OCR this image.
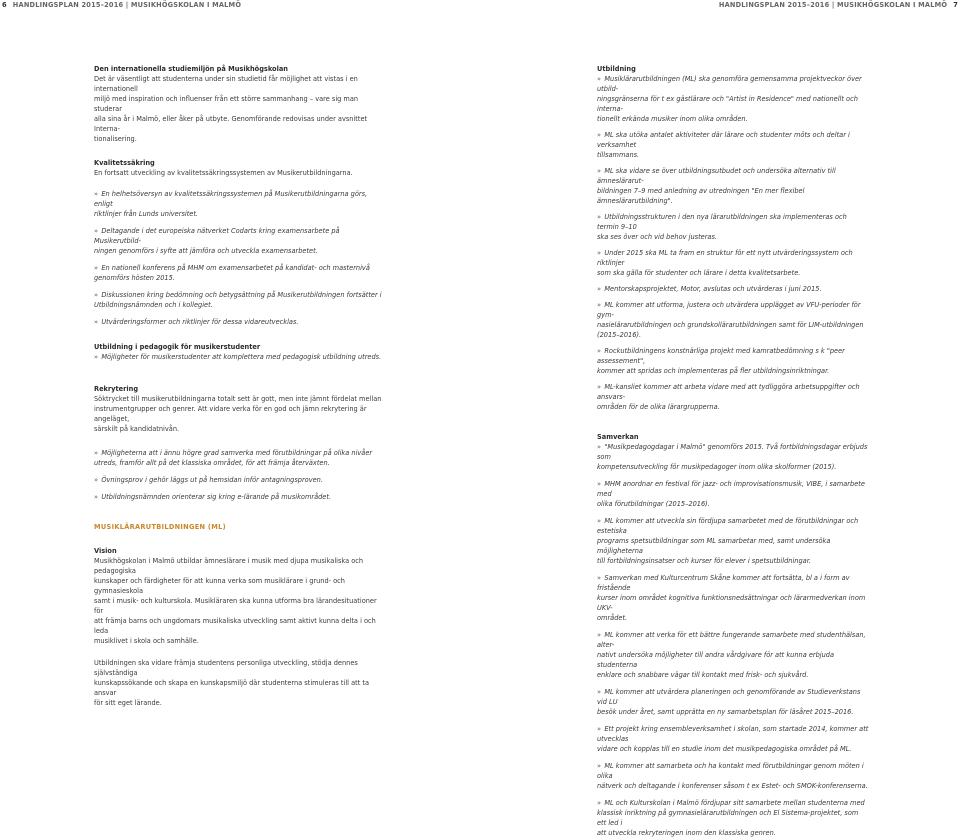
6 HANDLINGSPLAN 2015–2016 | MUSIKHÖGSKOLAN I MALMÖ	HANDLINGSPLAN 2015–2016 | MUSIKHÖGSKOLAN I MALMÖ 7
Den internationella studiemiljön på Musikhögskolan
Det är väsentligt att studenterna under sin studietid får möjlighet att vistas i en internationell
miljö med inspiration och influenser från ett större sammanhang – vare sig man studerar
alla sina år i Malmö, eller åker på utbyte. Genomförande redovisas under avsnittet Interna-
tionalisering.
Kvalitetssäkring
En fortsatt utveckling av kvalitetssäkringssystemen av Musikerutbildningarna.
»  En helhetsöversyn av kvalitetssäkringssystemen på Musikerutbildningarna görs, enligt
riktlinjer från Lunds universitet.
»  Deltagande i det europeiska nätverket Codarts kring examensarbete på Musikerutbild-
ningen genomförs i syfte att jämföra och utveckla examensarbetet.
»  En nationell konferens på MHM om examensarbetet på kandidat- och masternivå
genomförs hösten 2015.
»  Diskussionen kring bedömning och betygsättning på Musikerutbildningen fortsätter i
Utbildningsnämnden och i kollegiet.
»  Utvärderingsformer och riktlinjer för dessa vidareutvecklas.
Utbildning i pedagogik för musikerstudenter
»  Möjligheter för musikerstudenter att komplettera med pedagogisk utbildning utreds.
Rekrytering
Söktrycket till musikerutbildningarna totalt sett är gott, men inte jämnt fördelat mellan
instrumentgrupper och genrer. Att vidare verka för en god och jämn rekrytering är angeläget,
särskilt på kandidatnivån.
»  Möjligheterna att i ännu högre grad samverka med förutbildningar på olika nivåer
utreds, framför allt på det klassiska området, för att främja återväxten.
»  Övningsprov i gehör läggs ut på hemsidan inför antagningsproven.
»  Utbildningsnämnden orienterar sig kring e-lärande på musikområdet.
MUSIKLÄRARUTBILDNINGEN (ML)
Vision
Musikhögskolan i Malmö utbildar ämneslärare i musik med djupa musikaliska och pedagogiska
kunskaper och färdigheter för att kunna verka som musiklärare i grund- och gymnasieskola
samt i musik- och kulturskola. Musikläraren ska kunna utforma bra lärandesituationer för
att främja barns och ungdomars musikaliska utveckling samt aktivt kunna delta i och leda
musiklivet i skola och samhälle.
Utbildningen ska vidare främja studentens personliga utveckling, stödja dennes självständiga
kunskapssökande och skapa en kunskapsmiljö där studenterna stimuleras till att ta ansvar
för sitt eget lärande.
Utbildning
»  Musiklärarutbildningen (ML) ska genomföra gemensamma projektveckor över utbild-
ningsgränserna för t ex gästlärare och "Artist in Residence" med nationellt och interna-
tionellt erkända musiker inom olika områden.
»  ML ska utöka antalet aktiviteter där lärare och studenter möts och deltar i verksamhet
tillsammans.
»  ML ska vidare se över utbildningsutbudet och undersöka alternativ till ämneslärarut-
bildningen 7–9 med anledning av utredningen "En mer flexibel ämneslärarutbildning".
»  Utbildningsstrukturen i den nya lärarutbildningen ska implementeras och termin 9–10
ska ses över och vid behov justeras.
»  Under 2015 ska ML ta fram en struktur för ett nytt utvärderingssystem och riktlinjer
som ska gälla för studenter och lärare i detta kvalitetsarbete.
»  Mentorskapsprojektet, Motor, avslutas och utvärderas i juni 2015.
»  ML kommer att utforma, justera och utvärdera upplägget av VFU-perioder för gym-
nasielärarutbildningen och grundskollärarutbildningen samt för LIM-utbildningen
(2015–2016).
»  Rockutbildningens konstnärliga projekt med kamratbedömning s k "peer assessement",
kommer att spridas och implementeras på fler utbildningsinriktningar.
»  ML-kansliet kommer att arbeta vidare med att tydliggöra arbetsuppgifter och ansvars-
områden för de olika lärargrupperna.
Samverkan
»  "Musikpedagogdagar i Malmö" genomförs 2015. Två fortbildningsdagar erbjuds som
kompetensutveckling för musikpedagoger inom olika skolformer (2015).
»  MHM anordnar en festival för jazz- och improvisationsmusik, VIBE, i samarbete med
olika förutbildningar (2015–2016).
»  ML kommer att utveckla sin fördjupa samarbetet med de förutbildningar och estetiska
programs spetsutbildningar som ML samarbetar med, samt undersöka möjligheterna
till fortbildningsinsatser och kurser för elever i spetsutbildningar.
»  Samverkan med Kulturcentrum Skåne kommer att fortsätta, bl a i form av fristående
kurser inom området kognitiva funktionsnedsättningar och lärarmedverkan inom UKV-
området.
»  ML kommer att verka för ett bättre fungerande samarbete med studenthälsan, alter-
nativt undersöka möjligheter till andra vårdgivare för att kunna erbjuda studenterna
enklare och snabbare vägar till kontakt med frisk- och sjukvård.
»  ML kommer att utvärdera planeringen och genomförande av Studieverkstans vid LU
besök under året, samt upprätta en ny samarbetsplan för läsåret 2015–2016.
»  Ett projekt kring ensembleverksamhet i skolan, som startade 2014, kommer att utvecklas
vidare och kopplas till en studie inom det musikpedagogiska området på ML.
»  ML kommer att samarbeta och ha kontakt med förutbildningar genom möten i olika
nätverk och deltagande i konferenser såsom t ex Estet- och SMOK-konferenserna.
»  ML och Kulturskolan i Malmö fördjupar sitt samarbete mellan studenterna med
klassisk inriktning på gymnasielärarutbildningen och El Sistema-projektet, som ett led i
att utveckla rekryteringen inom den klassiska genren.
